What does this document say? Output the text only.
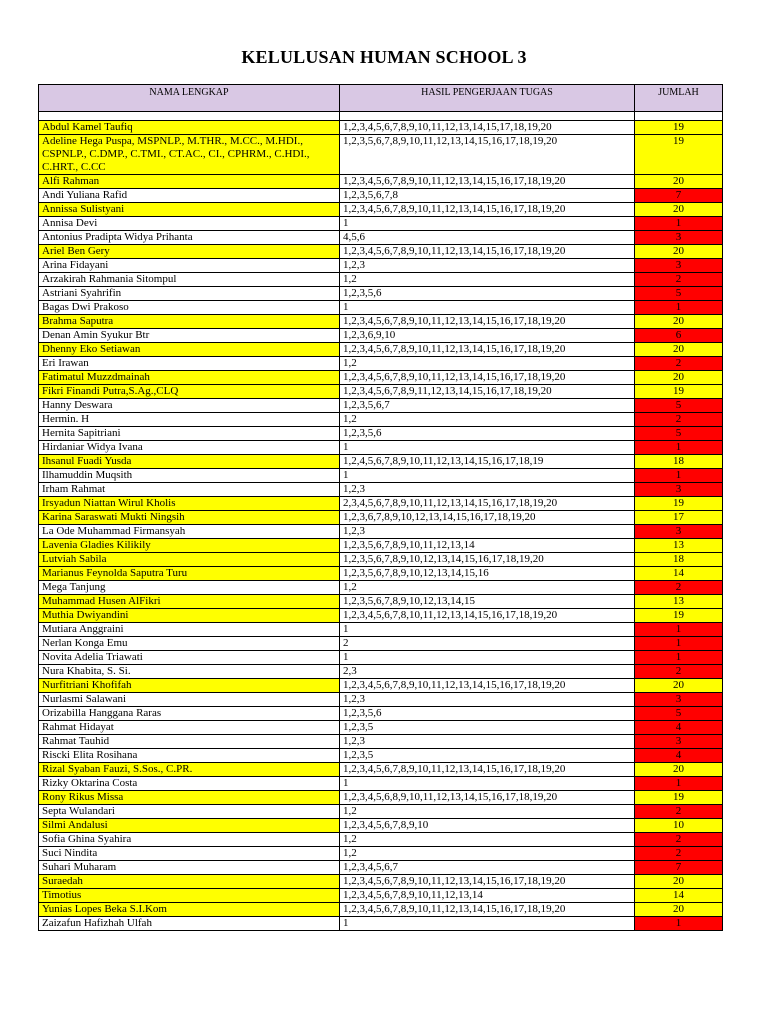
KELULUSAN HUMAN SCHOOL 3
NAMA LENGKAP	HASIL PENGERJAAN TUGAS	JUMLAH

Abdul Kamel Taufiq	1,2,3,4,5,6,7,8,9,10,11,12,13,14,15,17,18,19,20	19
Adeline Hega Puspa, MSPNLP., M.THR., M.CC., M.HDI., CSPNLP., C.DMP., C.TMI., CT.AC., CI., CPHRM., C.HDI., C.HRT., C.CC	1,2,3,5,6,7,8,9,10,11,12,13,14,15,16,17,18,19,20	19
Alfi Rahman	1,2,3,4,5,6,7,8,9,10,11,12,13,14,15,16,17,18,19,20	20
Andi Yuliana Rafid	1,2,3,5,6,7,8	7
Annissa Sulistyani	1,2,3,4,5,6,7,8,9,10,11,12,13,14,15,16,17,18,19,20	20
Annisa Devi	1	1
Antonius Pradipta Widya Prihanta	4,5,6	3
Ariel Ben Gery	1,2,3,4,5,6,7,8,9,10,11,12,13,14,15,16,17,18,19,20	20
Arina Fidayani	1,2,3	3
Arzakirah Rahmania Sitompul	1,2	2
Astriani Syahrifin	1,2,3,5,6	5
Bagas Dwi Prakoso	1	1
Brahma Saputra	1,2,3,4,5,6,7,8,9,10,11,12,13,14,15,16,17,18,19,20	20
Denan Amin Syukur Btr	1,2,3,6,9,10	6
Dhenny Eko Setiawan	1,2,3,4,5,6,7,8,9,10,11,12,13,14,15,16,17,18,19,20	20
Eri Irawan	1,2	2
Fatimatul Muzzdmainah	1,2,3,4,5,6,7,8,9,10,11,12,13,14,15,16,17,18,19,20	20
Fikri Finandi Putra,S.Ag.,CLQ	1,2,3,4,5,6,7,8,9,11,12,13,14,15,16,17,18,19,20	19
Hanny Deswara	1,2,3,5,6,7	5
Hermin. H	1,2	2
Hernita Sapitriani	1,2,3,5,6	5
Hirdaniar Widya Ivana	1	1
Ihsanul Fuadi Yusda	1,2,4,5,6,7,8,9,10,11,12,13,14,15,16,17,18,19	18
Ilhamuddin Muqsith	1	1
Irham Rahmat	1,2,3	3
Irsyadun Niattan Wirul Kholis	2,3,4,5,6,7,8,9,10,11,12,13,14,15,16,17,18,19,20	19
Karina Saraswati Mukti Ningsih	1,2,3,6,7,8,9,10,12,13,14,15,16,17,18,19,20	17
La Ode Muhammad Firmansyah	1,2,3	3
Lavenia Gladies Kilikily	1,2,3,5,6,7,8,9,10,11,12,13,14	13
Lutviah Sabila	1,2,3,5,6,7,8,9,10,12,13,14,15,16,17,18,19,20	18
Marianus Feynolda Saputra Turu	1,2,3,5,6,7,8,9,10,12,13,14,15,16	14
Mega Tanjung	1,2	2
Muhammad Husen AlFikri	1,2,3,5,6,7,8,9,10,12,13,14,15	13
Muthia Dwiyandini	1,2,3,4,5,6,7,8,10,11,12,13,14,15,16,17,18,19,20	19
Mutiara Anggraini	1	1
Nerlan Konga Emu	2	1
Novita Adelia Triawati	1	1
Nura Khabita, S. Si.	2,3	2
Nurfitriani Khofifah	1,2,3,4,5,6,7,8,9,10,11,12,13,14,15,16,17,18,19,20	20
Nurlasmi Salawani	1,2,3	3
Orizabilla Hanggana Raras	1,2,3,5,6	5
Rahmat Hidayat	1,2,3,5	4
Rahmat Tauhid	1,2,3	3
Riscki Elita Rosihana	1,2,3,5	4
Rizal Syaban Fauzi, S.Sos., C.PR.	1,2,3,4,5,6,7,8,9,10,11,12,13,14,15,16,17,18,19,20	20
Rizky Oktarina Costa	1	1
Rony Rikus Missa	1,2,3,4,5,6,8,9,10,11,12,13,14,15,16,17,18,19,20	19
Septa Wulandari	1,2	2
Silmi Andalusi	1,2,3,4,5,6,7,8,9,10	10
Sofia Ghina Syahira	1,2	2
Suci Nindita	1,2	2
Suhari Muharam	1,2,3,4,5,6,7	7
Suraedah	1,2,3,4,5,6,7,8,9,10,11,12,13,14,15,16,17,18,19,20	20
Timotius	1,2,3,4,5,6,7,8,9,10,11,12,13,14	14
Yunias Lopes Beka S.I.Kom	1,2,3,4,5,6,7,8,9,10,11,12,13,14,15,16,17,18,19,20	20
Zaizafun Hafizhah Ulfah	1	1
